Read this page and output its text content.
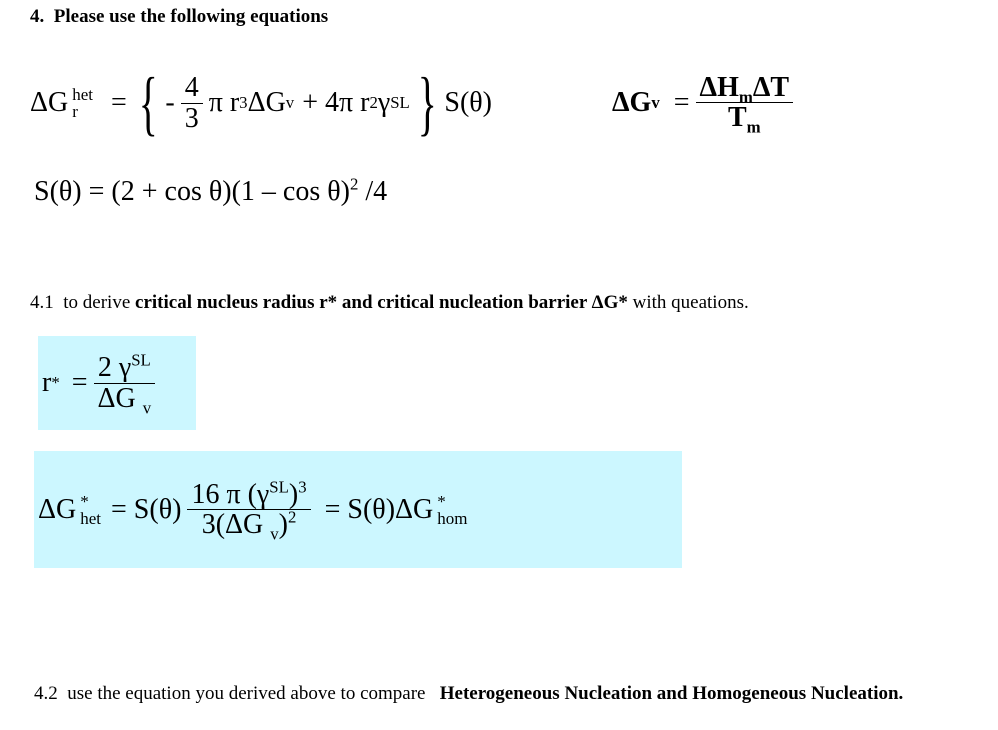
4. Please use the following equations
ΔG het
r = { - $\frac{4}{3}$ π r 3 ΔG v + 4π r 2 γ SL } S(θ)	ΔG $v = \frac{\Delta H_m\Delta T}{T_m}$
S(θ) = (2 + cos θ)(1 – cos θ)$^2$ /4
4.1 to derive critical nucleus radius r* and critical nucleation barrier ΔG* with queations.
r * = $\frac{2 \gamma^{SL}}{\Delta G _v}$
ΔG *
het = $S(\theta) \frac{16 \pi (\gamma^{SL})^3}{3(\Delta G _v)^2} = S(\theta)\Delta G$ *
hom
4.2 use the equation you derived above to compare Heterogeneous Nucleation and Homogeneous Nucleation.
